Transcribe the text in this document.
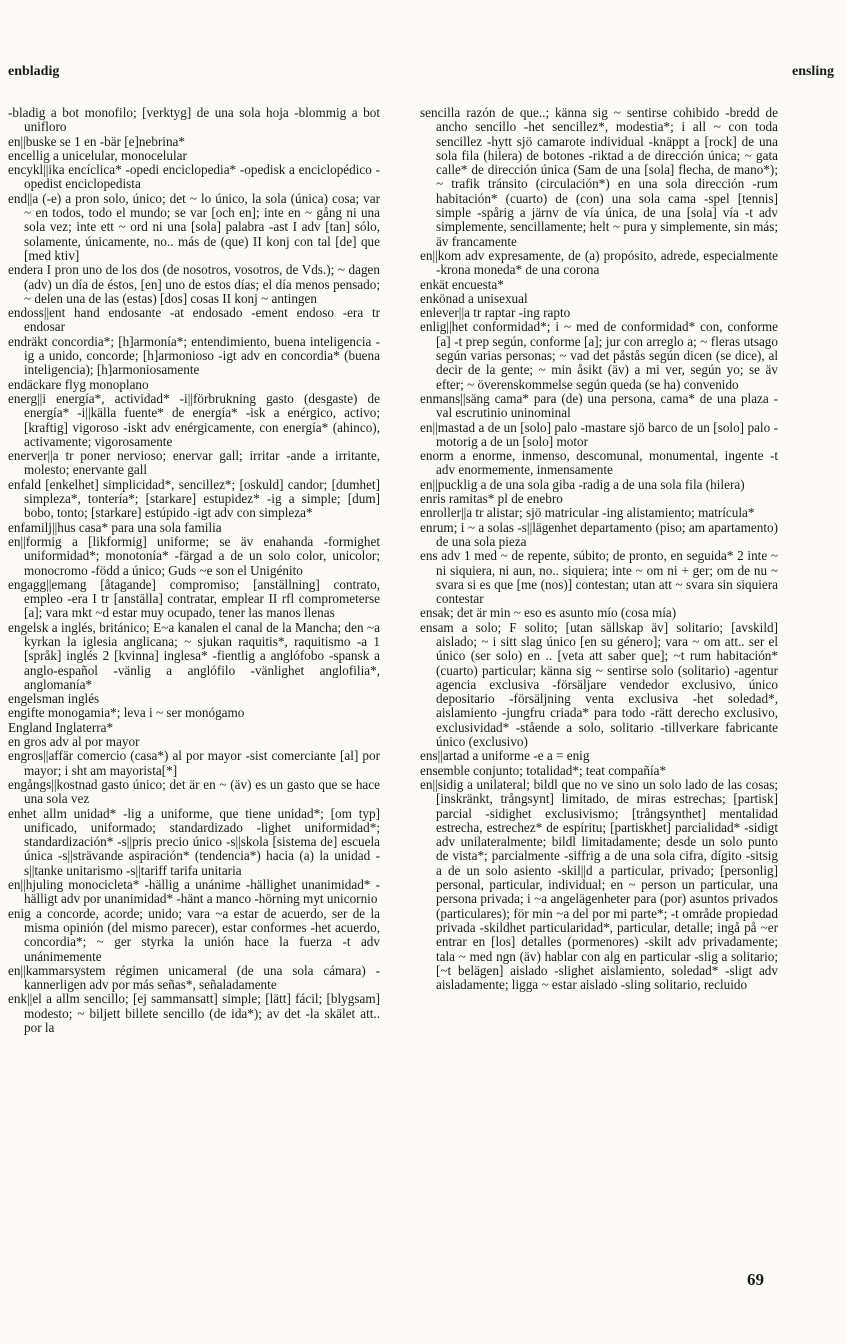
enbladig	ensling

-bladig a bot monofilo; [verktyg] de una sola hoja -blommig a bot unifloro

en||buske se 1 en -bär [e]nebrina*

encellig a unicelular, monocelular

encykl||ika encíclica* -opedi enciclopedia* -opedisk a enciclopédico -opedist enciclopedista

end||a (-e) a pron solo, único; det ~ lo único, la sola (única) cosa; var ~ en todos, todo el mundo; se var [och en]; inte en ~ gång ni una sola vez; inte ett ~ ord ni una [sola] palabra -ast I adv [tan] sólo, solamente, únicamente, no.. más de (que) II konj con tal [de] que [med ktiv]

endera I pron uno de los dos (de nosotros, vosotros, de Vds.); ~ dagen (adv) un día de éstos, [en] uno de estos días; el día menos pensado; ~ delen una de las (estas) [dos] cosas II konj ~ antingen

endoss||ent hand endosante -at endosado -ement endoso -era tr endosar

endräkt concordia*; [h]armonía*; entendimiento, buena inteligencia -ig a unido, concorde; [h]armonioso -igt adv en concordia* (buena inteligencia); [h]armoniosamente

endäckare flyg monoplano

energ||i energía*, actividad* -i||förbrukning gasto (desgaste) de energía* -i||källa fuente* de energía* -isk a enérgico, activo; [kraftig] vigoroso -iskt adv enérgicamente, con energía* (ahinco), activamente; vigorosamente

enerver||a tr poner nervioso; enervar gall; irritar -ande a irritante, molesto; enervante gall

enfald [enkelhet] simplicidad*, sencillez*; [oskuld] candor; [dumhet] simpleza*, tontería*; [starkare] estupidez* -ig a simple; [dum] bobo, tonto; [starkare] estúpido -igt adv con simpleza*

enfamilj||hus casa* para una sola familia

en||formig a [likformig] uniforme; se äv enahanda -formighet uniformidad*; monotonía* -färgad a de un solo color, unicolor; monocromo -född a único; Guds ~e son el Unigénito

engagg||emang [åtagande] compromiso; [anställning] contrato, empleo -era I tr [anställa] contratar, emplear II rfl comprometerse [a]; vara mkt ~d estar muy ocupado, tener las manos llenas

engelsk a inglés, británico; E~a kanalen el canal de la Mancha; den ~a kyrkan la iglesia anglicana; ~ sjukan raquitis*, raquitismo -a 1 [språk] inglés 2 [kvinna] inglesa* -fientlig a anglófobo -spansk a anglo-español -vänlig a anglófilo -vänlighet anglofilia*, anglomanía*

engelsman inglés

engifte monogamia*; leva i ~ ser monógamo

England Inglaterra*

en gros adv al por mayor

engros||affär comercio (casa*) al por mayor -sist comerciante [al] por mayor; i sht am mayorista[*]

engångs||kostnad gasto único; det är en ~ (äv) es un gasto que se hace una sola vez

enhet allm unidad* -lig a uniforme, que tiene unidad*; [om typ] unificado, uniformado; standardizado -lighet uniformidad*; standardización* -s||pris precio único -s||skola [sistema de] escuela única -s||strävande aspiración* (tendencia*) hacia (a) la unidad -s||tanke unitarismo -s||tariff tarifa unitaria

en||hjuling monocicleta* -hällig a unánime -hällighet unanimidad* -hälligt adv por unanimidad* -hänt a manco -hörning myt unicornio

enig a concorde, acorde; unido; vara ~a estar de acuerdo, ser de la misma opinión (del mismo parecer), estar conformes -het acuerdo, concordia*; ~ ger styrka la unión hace la fuerza -t adv unánimemente

en||kammarsystem régimen unicameral (de una sola cámara) -kannerligen adv por más señas*, señaladamente

enk||el a allm sencillo; [ej sammansatt] simple; [lätt] fácil; [blygsam] modesto; ~ biljett billete sencillo (de ida*); av det -la skälet att.. por la

sencilla razón de que..; känna sig ~ sentirse cohibido -bredd de ancho sencillo -het sencillez*, modestia*; i all ~ con toda sencillez -hytt sjö camarote individual -knäppt a [rock] de una sola fila (hilera) de botones -riktad a de dirección única; ~ gata calle* de dirección única (Sam de una [sola] flecha, de mano*); ~ trafik tránsito (circulación*) en una sola dirección -rum habitación* (cuarto) de (con) una sola cama -spel [tennis] simple -spårig a järnv de vía única, de una [sola] vía -t adv simplemente, sencillamente; helt ~ pura y simplemente, sin más; äv francamente

en||kom adv expresamente, de (a) propósito, adrede, especialmente -krona moneda* de una corona

enkät encuesta*

enkönad a unisexual

enlever||a tr raptar -ing rapto

enlig||het conformidad*; i ~ med de conformidad* con, conforme [a] -t prep según, conforme [a]; jur con arreglo a; ~ fleras utsago según varias personas; ~ vad det påstås según dicen (se dice), al decir de la gente; ~ min åsikt (äv) a mi ver, según yo; se äv efter; ~ överenskommelse según queda (se ha) convenido

enmans||säng cama* para (de) una persona, cama* de una plaza -val escrutinio uninominal

en||mastad a de un [solo] palo -mastare sjö barco de un [solo] palo -motorig a de un [solo] motor

enorm a enorme, inmenso, descomunal, monumental, ingente -t adv enormemente, inmensamente

en||pucklig a de una sola giba -radig a de una sola fila (hilera)

enris ramitas* pl de enebro

enroller||a tr alistar; sjö matricular -ing alistamiento; matrícula*

enrum; i ~ a solas -s||lägenhet departamento (piso; am apartamento) de una sola pieza

ens adv 1 med ~ de repente, súbito; de pronto, en seguida* 2 inte ~ ni siquiera, ni aun, no.. siquiera; inte ~ om ni + ger; om de nu ~ svara si es que [me (nos)] contestan; utan att ~ svara sin siquiera contestar

ensak; det är min ~ eso es asunto mío (cosa mía)

ensam a solo; F solito; [utan sällskap äv] solitario; [avskild] aislado; ~ i sitt slag único [en su género]; vara ~ om att.. ser el único (ser solo) en .. [veta att saber que]; ~t rum habitación* (cuarto) particular; känna sig ~ sentirse solo (solitario) -agentur agencia exclusiva -försäljare vendedor exclusivo, único depositario -försäljning venta exclusiva -het soledad*, aislamiento -jungfru criada* para todo -rätt derecho exclusivo, exclusividad* -stående a solo, solitario -tillverkare fabricante único (exclusivo)

ens||artad a uniforme -e a = enig

ensemble conjunto; totalidad*; teat compañía*

en||sidig a unilateral; bildl que no ve sino un solo lado de las cosas; [inskränkt, trångsynt] limitado, de miras estrechas; [partisk] parcial -sidighet exclusivismo; [trångsynthet] mentalidad estrecha, estrechez* de espíritu; [partiskhet] parcialidad* -sidigt adv unilateralmente; bildl limitadamente; desde un solo punto de vista*; parcialmente -siffrig a de una sola cifra, dígito -sitsig a de un solo asiento -skil||d a particular, privado; [personlig] personal, particular, individual; en ~ person un particular, una persona privada; i ~a angelägenheter para (por) asuntos privados (particulares); för min ~a del por mi parte*; -t område propiedad privada -skildhet particularidad*, particular, detalle; ingå på ~er entrar en [los] detalles (pormenores) -skilt adv privadamente; tala ~ med ngn (äv) hablar con alg en particular -slig a solitario; [~t belägen] aislado -slighet aislamiento, soledad* -sligt adv aisladamente; ligga ~ estar aislado -sling solitario, recluido

69
